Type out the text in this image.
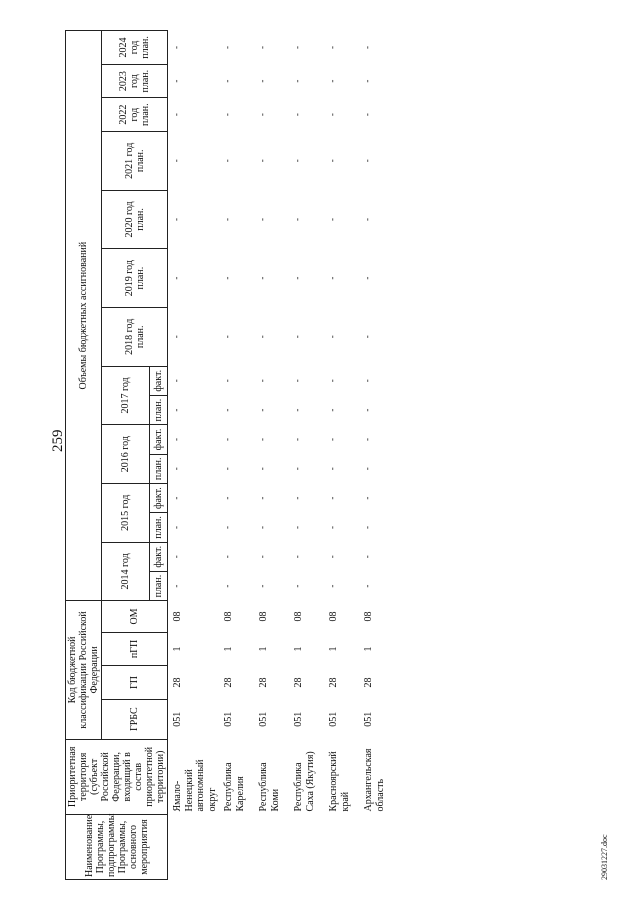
259
Наименование Программы, подпрограммы Программы, основного мероприятия	Приоритетная территория (субъект Российской Федерации, входящий в состав приоритетной территории)	Код бюджетной классификации Российской Федерации				Объемы бюджетных ассигнований														
		ГРБС	ГП	пГП	ОМ	2014 год		2015 год		2016 год		2017 год		2018 год план.	2019 год план.	2020 год план.	2021 год план.	2022 год план.	2023 год план.	2024 год план.
						план.	факт.	план.	факт.	план.	факт.	план.	факт.							
	Ямало-Ненецкий автономный округ	051	28	1	08	-	-	-	-	-	-	-	-	-	-	-	-	-	-	-
	Республика Карелия	051	28	1	08	-	-	-	-	-	-	-	-	-	-	-	-	-	-	-
	Республика Коми	051	28	1	08	-	-	-	-	-	-	-	-	-	-	-	-	-	-	-
	Республика Саха (Якутия)	051	28	1	08	-	-	-	-	-	-	-	-	-	-	-	-	-	-	-
	Красноярский край	051	28	1	08	-	-	-	-	-	-	-	-	-	-	-	-	-	-	-
	Архангельская область	051	28	1	08	-	-	-	-	-	-	-	-	-	-	-	-	-	-	-
29031227.doc
